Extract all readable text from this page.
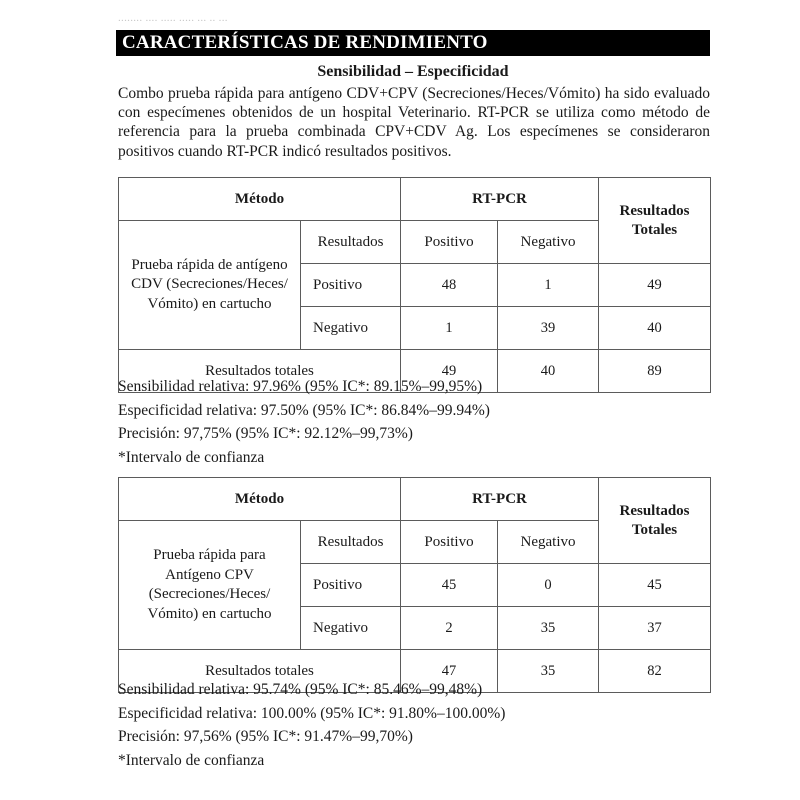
........ .... ..... ..... ... .. ...
CARACTERÍSTICAS DE RENDIMIENTO
Sensibilidad – Especificidad
Combo prueba rápida para antígeno CDV+CPV (Secreciones/Heces/Vómito) ha sido evaluado con especímenes obtenidos de un hospital Veterinario. RT-PCR se utiliza como método de referencia para la prueba combinada CPV+CDV Ag. Los especímenes se consideraron positivos cuando RT-PCR indicó resultados positivos.
Método		RT-PCR		Resultados Totales
Prueba rápida de antígeno CDV (Secreciones/Heces/ Vómito) en cartucho	Resultados	Positivo	Negativo	
	Positivo	48	1	49
	Negativo	1	39	40
Resultados totales		49	40	89
Sensibilidad relativa: 97.96% (95% IC*: 89.15%–99,95%)
Especificidad relativa: 97.50% (95% IC*: 86.84%–99.94%)
Precisión: 97,75% (95% IC*: 92.12%–99,73%)
*Intervalo de confianza
Método		RT-PCR		Resultados Totales
Prueba rápida para Antígeno CPV (Secreciones/Heces/ Vómito) en cartucho	Resultados	Positivo	Negativo	
	Positivo	45	0	45
	Negativo	2	35	37
Resultados totales		47	35	82
Sensibilidad relativa: 95.74% (95% IC*: 85.46%–99,48%)
Especificidad relativa: 100.00% (95% IC*: 91.80%–100.00%)
Precisión: 97,56% (95% IC*: 91.47%–99,70%)
*Intervalo de confianza
